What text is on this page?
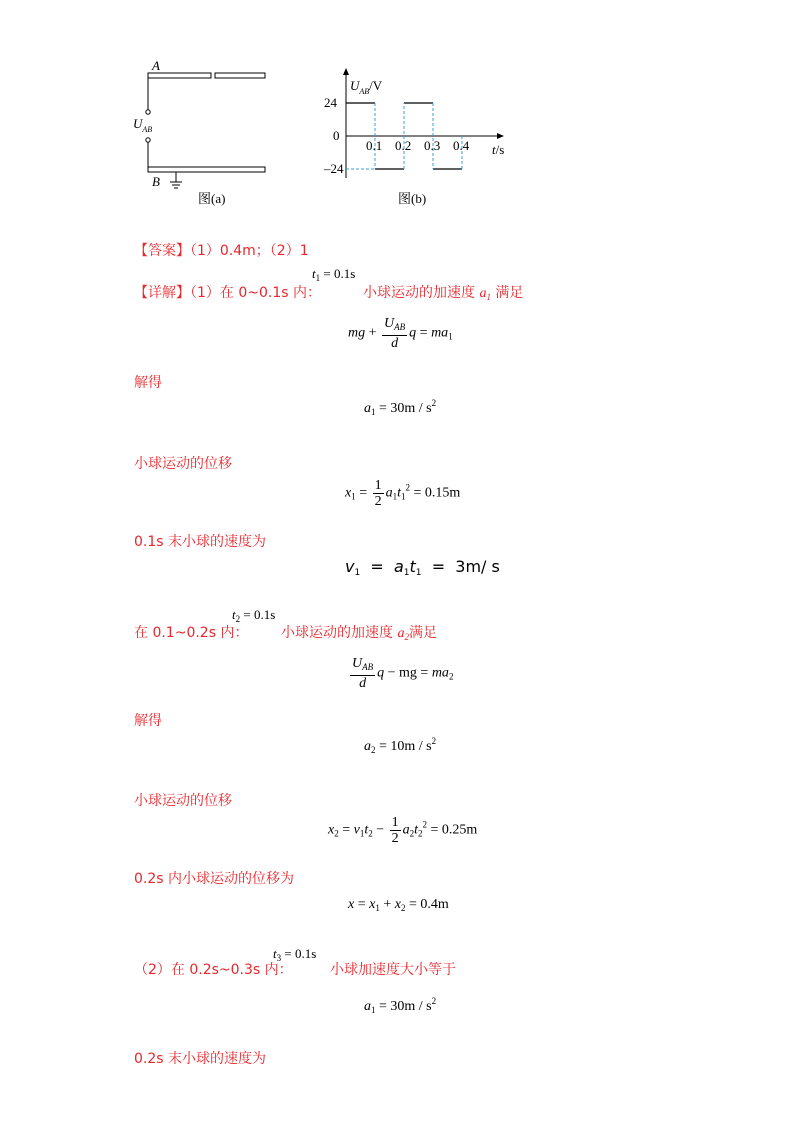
A
B
$U_{AB}$
图(a)
24
–24
0.1 0.2 0.3 0.4
$U_{AB}/V$
0
t/s
图(b)
【答案】（1）0.4m；（2）1
【详解】（1）在 0~0.1s 内：
$t_1 = 0.1s$
小球运动的加速度 $a_1$ 满足
mg + $\frac{U_{AB}}{d}$ $q = ma_1$
解得
$a_1 = 30m / s^2$
小球运动的位移
$x_1 = \frac{1}{2} a_1t_1^2 = 0.15m$
0.1s 末小球的速度为
$v_1 = a_1t_1 = 3m/$ s
在 0.1~0.2s 内：
$t_2 = 0.1s$
小球运动的加速度 $a_2$满足
$\frac{U_{AB}}{d}$ q − mg = $ma_2$
解得
$a_2 = 10m / s^2$
小球运动的位移
$x_2 = v_1t_2 - \frac{1}{2} a_2t_2^2 = 0.25m$
0.2s 内小球运动的位移为
$x = x_1 + x_2 = 0.4m$
（2）在 0.2s~0.3s 内：
$t_3 = 0.1s$
小球加速度大小等于
$a_1 = 30m / s^2$
0.2s 末小球的速度为
